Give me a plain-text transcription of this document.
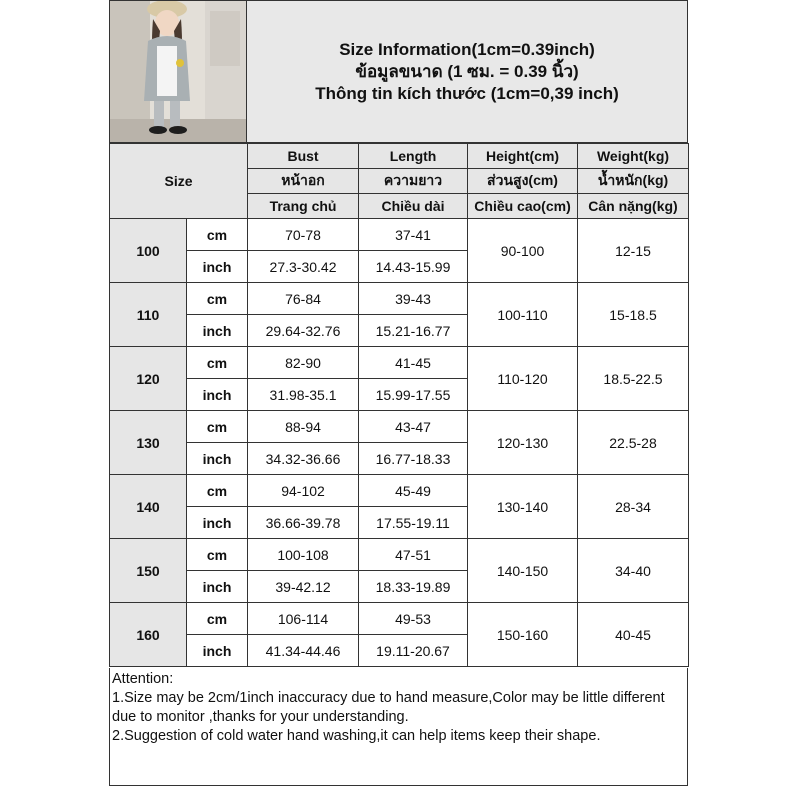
Size Information(1cm=0.39inch)
ข้อมูลขนาด (1 ซม. = 0.39 นิ้ว)
Thông tin kích thước (1cm=0,39 inch)
Size		Bust	Length	Height(cm)	Weight(kg)
		หน้าอก	ความยาว	ส่วนสูง(cm)	น้ำหนัก(kg)
		Trang chủ	Chiều dài	Chiều cao(cm)	Cân nặng(kg)
100	cm	70-78	37-41	90-100	12-15
	inch	27.3-30.42	14.43-15.99		
110	cm	76-84	39-43	100-110	15-18.5
	inch	29.64-32.76	15.21-16.77		
120	cm	82-90	41-45	110-120	18.5-22.5
	inch	31.98-35.1	15.99-17.55		
130	cm	88-94	43-47	120-130	22.5-28
	inch	34.32-36.66	16.77-18.33		
140	cm	94-102	45-49	130-140	28-34
	inch	36.66-39.78	17.55-19.11		
150	cm	100-108	47-51	140-150	34-40
	inch	39-42.12	18.33-19.89		
160	cm	106-114	49-53	150-160	40-45
	inch	41.34-44.46	19.11-20.67		
Attention:
1.Size may be 2cm/1inch inaccuracy due to hand measure,Color may be little different due to monitor ,thanks for your understanding.
2.Suggestion of cold water hand washing,it can help items keep their shape.
